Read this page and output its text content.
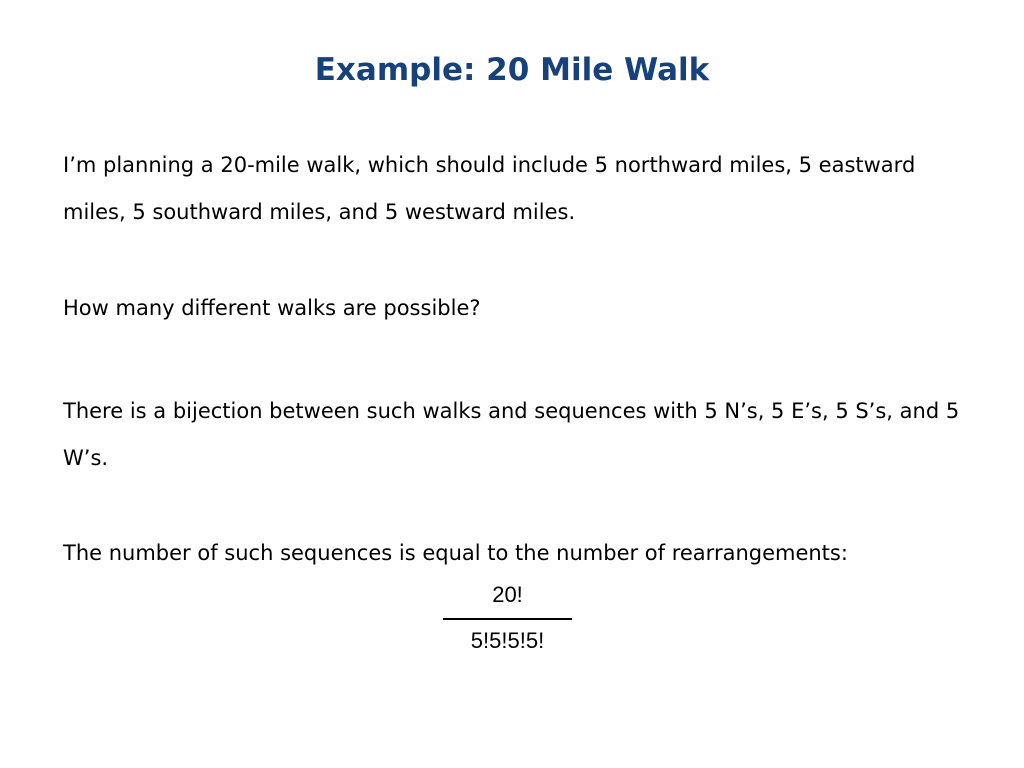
Example: 20 Mile Walk

I’m planning a 20-mile walk, which should include 5 northward miles, 5 eastward miles, 5 southward miles, and 5 westward miles.

How many different walks are possible?

There is a bijection between such walks and sequences with 5 N’s, 5 E’s, 5 S’s, and 5 W’s.

The number of such sequences is equal to the number of rearrangements:

20!
5!5!5!5!
